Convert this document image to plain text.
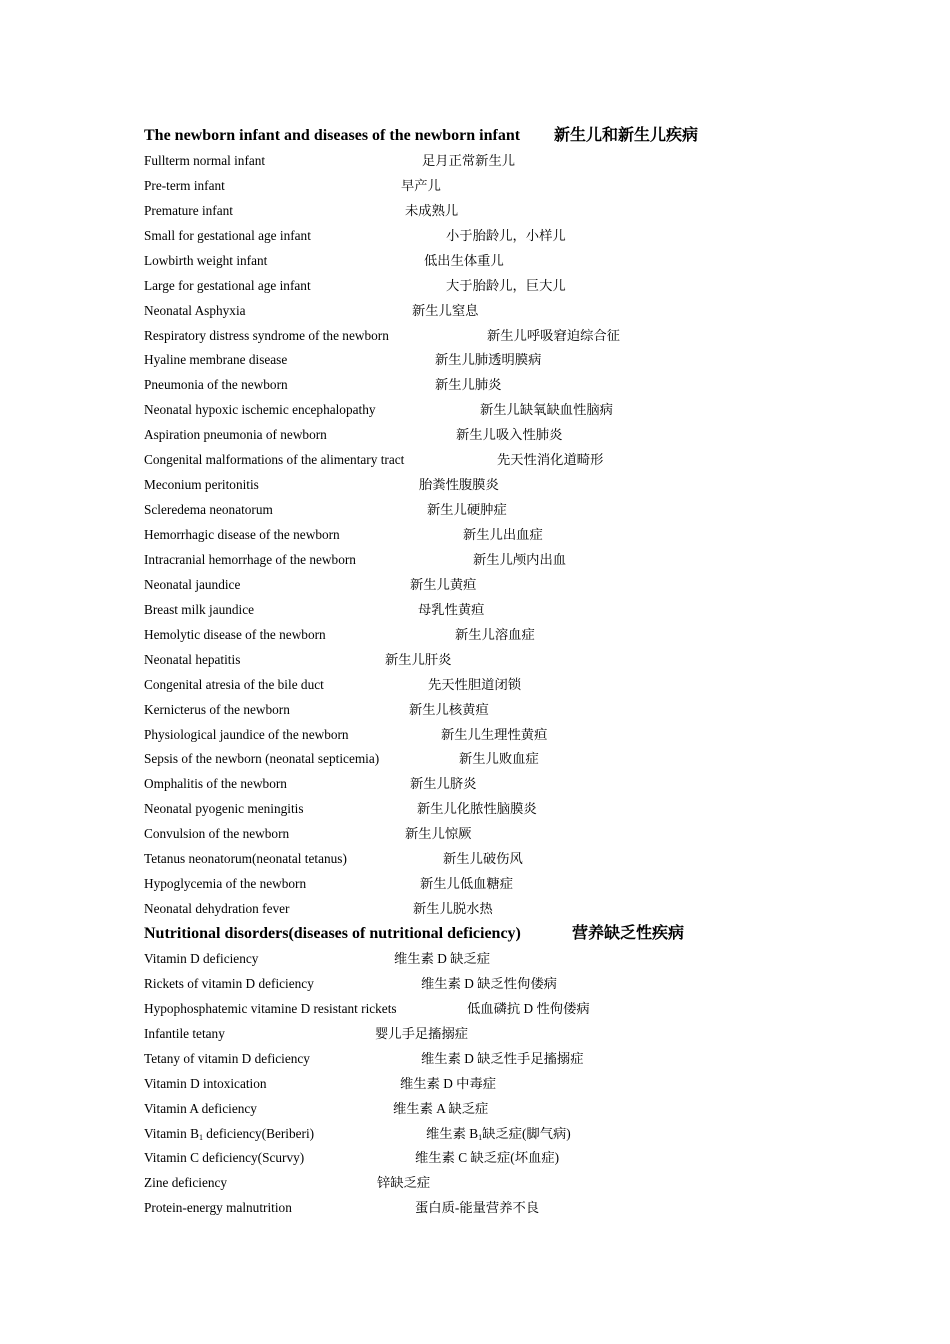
The newborn infant and diseases of the newborn infant 新生儿和新生儿疾病
Fullterm normal infant	足月正常新生儿
Pre-term infant	早产儿
Premature infant	未成熟儿
Small for gestational age infant	小于胎龄儿，小样儿
Lowbirth weight infant	低出生体重儿
Large for gestational age infant	大于胎龄儿，巨大儿
Neonatal Asphyxia	新生儿窒息
Respiratory distress syndrome of the newborn	新生儿呼吸窘迫综合征
Hyaline membrane disease	新生儿肺透明膜病
Pneumonia of the newborn	新生儿肺炎
Neonatal hypoxic ischemic encephalopathy	新生儿缺氧缺血性脑病
Aspiration pneumonia of newborn	新生儿吸入性肺炎
Congenital malformations of the alimentary tract	先天性消化道畸形
Meconium peritonitis	胎粪性腹膜炎
Scleredema neonatorum	新生儿硬肿症
Hemorrhagic disease of the newborn	新生儿出血症
Intracranial hemorrhage of the newborn	新生儿颅内出血
Neonatal jaundice	新生儿黄疸
Breast milk jaundice	母乳性黄疸
Hemolytic disease of the newborn	新生儿溶血症
Neonatal hepatitis	新生儿肝炎
Congenital atresia of the bile duct	先天性胆道闭锁
Kernicterus of the newborn	新生儿核黄疸
Physiological jaundice of the newborn	新生儿生理性黄疸
Sepsis of the newborn (neonatal septicemia)	新生儿败血症
Omphalitis of the newborn	新生儿脐炎
Neonatal pyogenic meningitis	新生儿化脓性脑膜炎
Convulsion of the newborn	新生儿惊厥
Tetanus neonatorum(neonatal tetanus)	新生儿破伤风
Hypoglycemia of the newborn	新生儿低血糖症
Neonatal dehydration fever	新生儿脱水热
Nutritional disorders(diseases of nutritional deficiency)	营养缺乏性疾病
Vitamin D deficiency	维生素 D 缺乏症
Rickets of vitamin D deficiency	维生素 D 缺乏性佝偻病
Hypophosphatemic vitamine D resistant rickets	低血磷抗 D 性佝偻病
Infantile tetany	婴儿手足搐搦症
Tetany of vitamin D deficiency	维生素 D 缺乏性手足搐搦症
Vitamin D intoxication	维生素 D 中毒症
Vitamin A deficiency	维生素 A 缺乏症
Vitamin $B_1$ deficiency(Beriberi)	维生素 $B_1$缺乏症(脚气病)
Vitamin C deficiency(Scurvy)	维生素 C 缺乏症(坏血症)
Zine deficiency	锌缺乏症
Protein-energy malnutrition	蛋白质-能量营养不良
